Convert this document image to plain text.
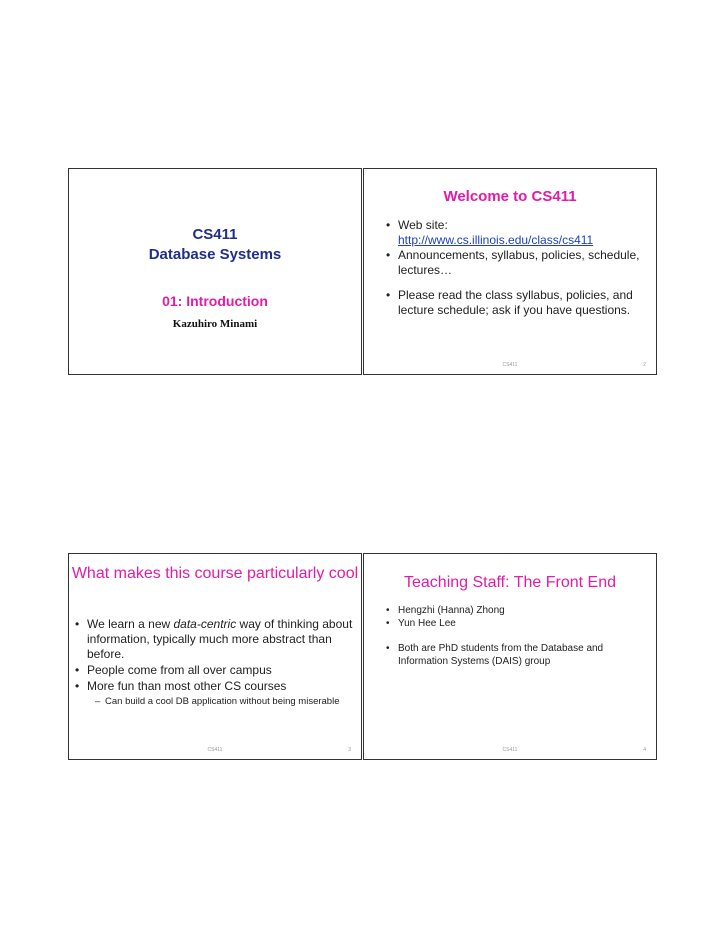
CS411
Database Systems
01: Introduction
Kazuhiro Minami
Welcome to CS411
• Web site:
http://www.cs.illinois.edu/class/cs411
• Announcements, syllabus, policies, schedule, lectures…
• Please read the class syllabus, policies, and lecture schedule; ask if you have questions.
CS411	2
What makes this course particularly cool
• We learn a new data-centric way of thinking about information, typically much more abstract than before.
• People come from all over campus
• More fun than most other CS courses
– Can build a cool DB application without being miserable
CS411	3
Teaching Staff: The Front End
• Hengzhi (Hanna) Zhong
• Yun Hee Lee
• Both are PhD students from the Database and Information Systems (DAIS) group
CS411	4
